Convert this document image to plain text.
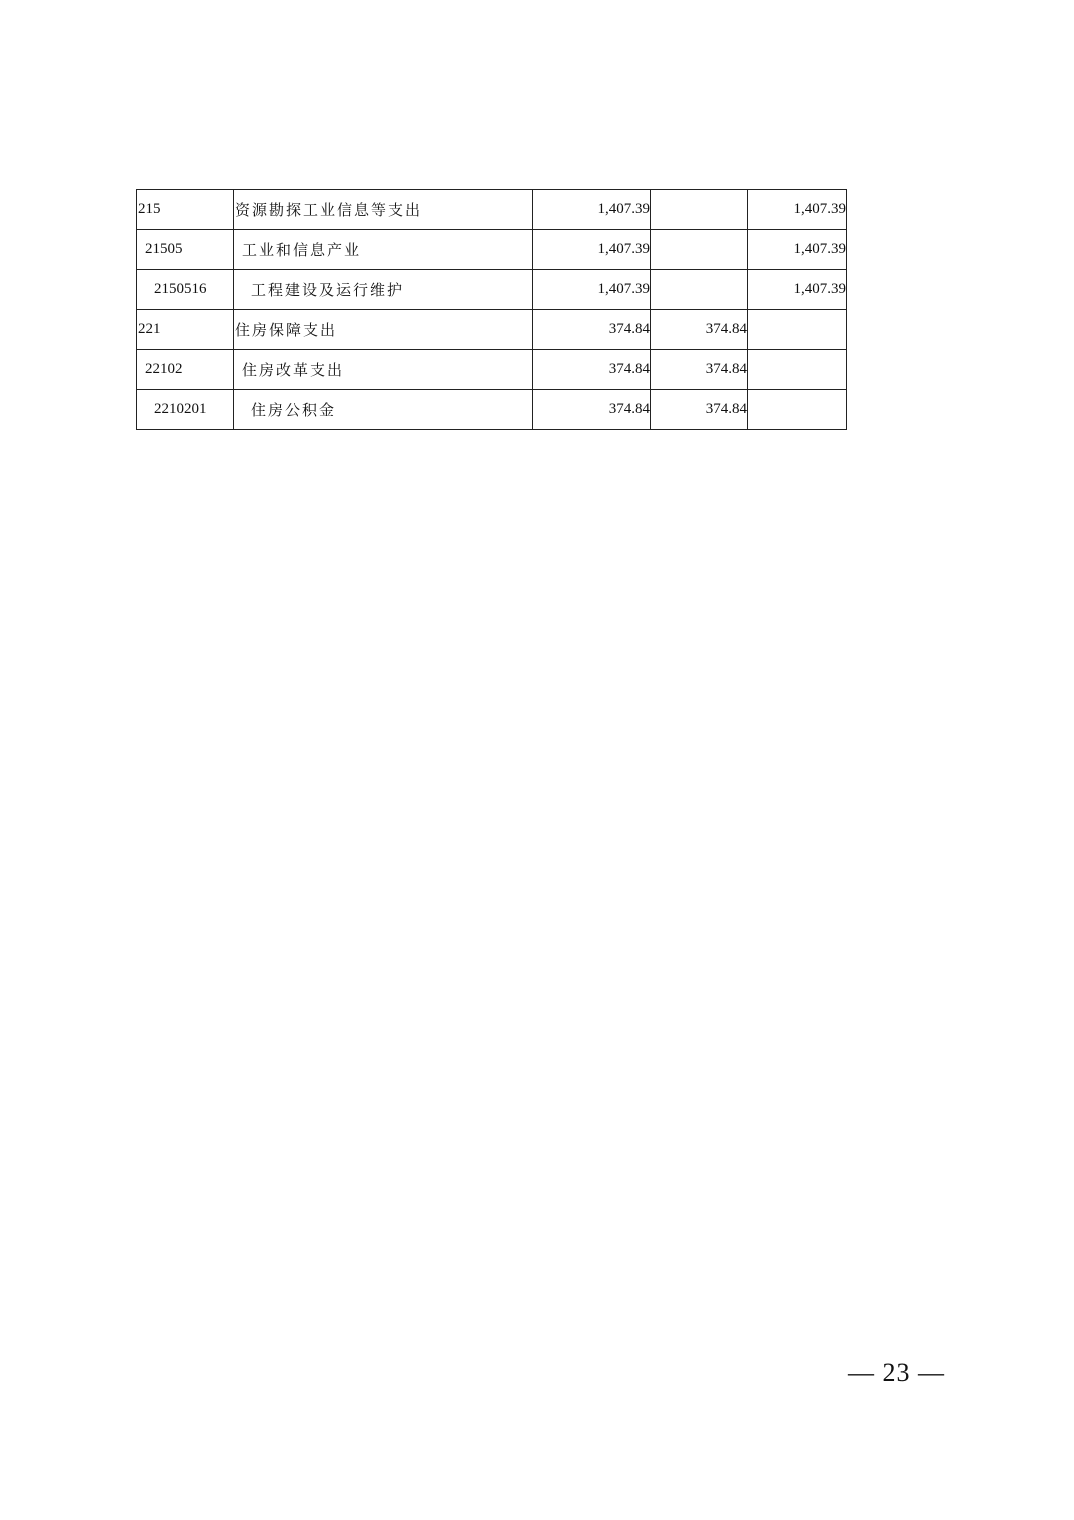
215	资源勘探工业信息等支出	1,407.39		1,407.39
21505	工业和信息产业	1,407.39		1,407.39
2150516	工程建设及运行维护	1,407.39		1,407.39
221	住房保障支出	374.84	374.84	
22102	住房改革支出	374.84	374.84	
2210201	住房公积金	374.84	374.84	
— 23 —
